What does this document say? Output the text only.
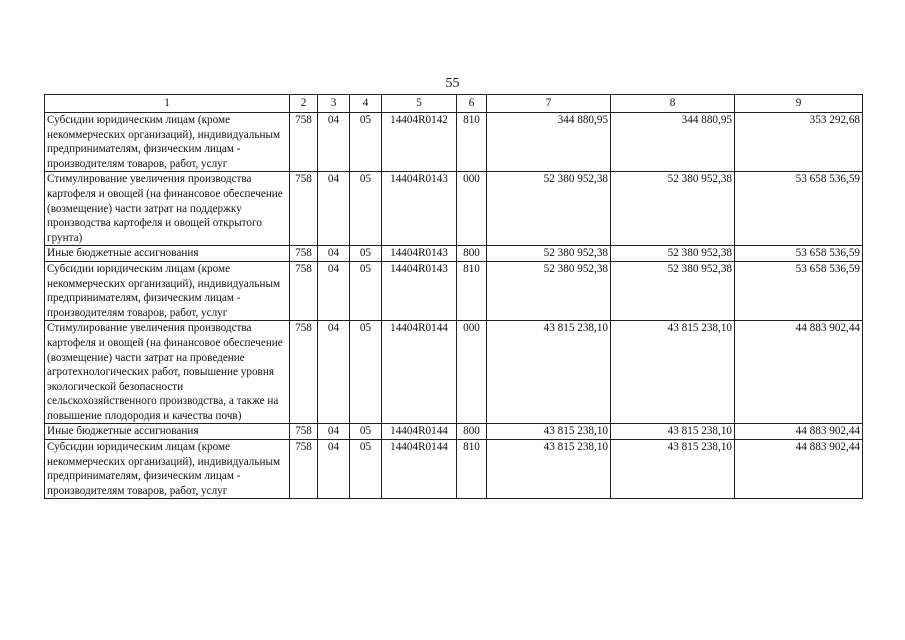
55
1	2	3	4	5	6	7	8	9
Субсидии юридическим лицам (кроме некоммерческих организаций), индивидуальным предпринимателям, физическим лицам - производителям товаров, работ, услуг	758	04	05	14404R0142	810	344 880,95	344 880,95	353 292,68
Стимулирование увеличения производства картофеля и овощей (на финансовое обеспечение (возмещение) части затрат на поддержку производства картофеля и овощей открытого грунта)	758	04	05	14404R0143	000	52 380 952,38	52 380 952,38	53 658 536,59
Иные бюджетные ассигнования	758	04	05	14404R0143	800	52 380 952,38	52 380 952,38	53 658 536,59
Субсидии юридическим лицам (кроме некоммерческих организаций), индивидуальным предпринимателям, физическим лицам - производителям товаров, работ, услуг	758	04	05	14404R0143	810	52 380 952,38	52 380 952,38	53 658 536,59
Стимулирование увеличения производства картофеля и овощей (на финансовое обеспечение (возмещение) части затрат на проведение агротехнологических работ, повышение уровня экологической безопасности сельскохозяйственного производства, а также на повышение плодородия и качества почв)	758	04	05	14404R0144	000	43 815 238,10	43 815 238,10	44 883 902,44
Иные бюджетные ассигнования	758	04	05	14404R0144	800	43 815 238,10	43 815 238,10	44 883 902,44
Субсидии юридическим лицам (кроме некоммерческих организаций), индивидуальным предпринимателям, физическим лицам - производителям товаров, работ, услуг	758	04	05	14404R0144	810	43 815 238,10	43 815 238,10	44 883 902,44
